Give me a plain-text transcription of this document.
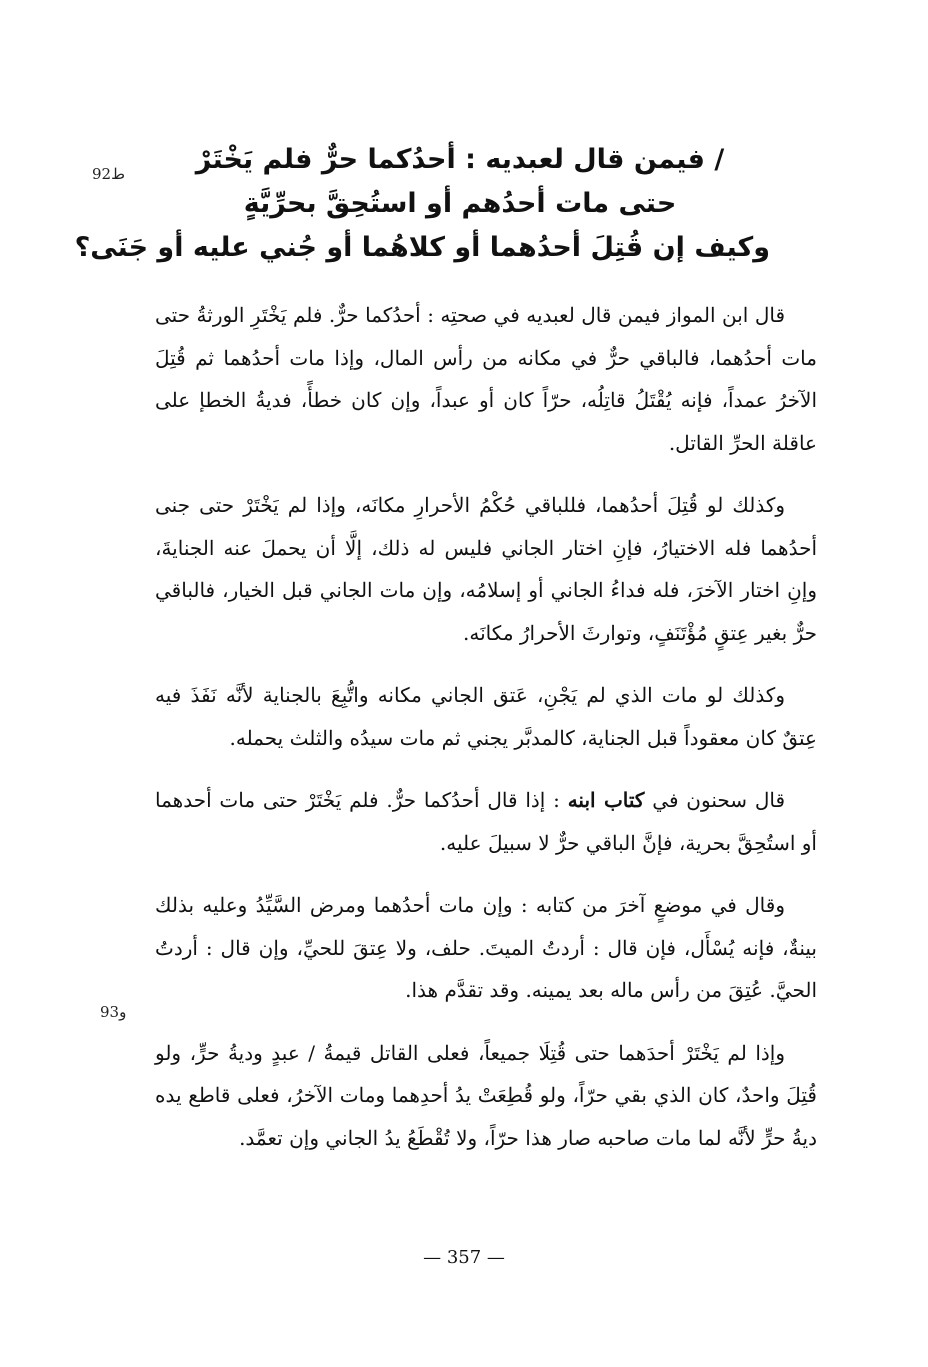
ط92
و93
/ فيمن قال لعبديه : أحدُكما حرٌّ فلم يَخْتَرْ
حتى مات أحدُهم أو استُحِقَّ بحرِّيَّةٍ
وكيف إن قُتِلَ أحدُهما أو كلاهُما أو جُني عليه أو جَنَى؟

قال ابن المواز فيمن قال لعبديه في صحتِه : أحدُكما حرٌّ. فلم يَخْتَرِ الورثةُ حتى مات أحدُهما، فالباقي حرٌّ في مكانه من رأس المال، وإذا مات أحدُهما ثم قُتِلَ الآخرُ عمداً، فإنه يُقْتَلُ قاتِلُه، حرّاً كان أو عبداً، وإن كان خطأً، فديةُ الخطإ على عاقلة الحرِّ القاتل.

وكذلك لو قُتِلَ أحدُهما، فللباقي حُكْمُ الأحرارِ مكانَه، وإذا لم يَخْتَرْ حتى جنى أحدُهما فله الاختيارُ، فإنِ اختار الجاني فليس له ذلك، إلَّا أن يحملَ عنه الجنايةَ، وإنِ اختار الآخرَ، فله فداءُ الجاني أو إسلامُه، وإن مات الجاني قبل الخيار، فالباقي حرٌّ بغير عِتقٍ مُؤْتَنَفٍ، وتوارثَ الأحرارُ مكانَه.

وكذلك لو مات الذي لم يَجْنِ، عَتق الجاني مكانه واتُّبِعَ بالجناية لأنَّه نَفَذَ فيه عِتقٌ كان معقوداً قبل الجناية، كالمدبَّر يجني ثم مات سيدُه والثلث يحمله.

قال سحنون في كتاب ابنه : إذا قال أحدُكما حرٌّ. فلم يَخْتَرْ حتى مات أحدهما أو استُحِقَّ بحرية، فإنَّ الباقي حرٌّ لا سبيلَ عليه.

وقال في موضعٍ آخرَ من كتابه : وإن مات أحدُهما ومرض السَّيِّدُ وعليه بذلك بينةٌ، فإنه يُسْأَل، فإن قال : أردتُ الميتَ. حلف، ولا عِتقَ للحيِّ، وإن قال : أردتُ الحيَّ. عُتِقَ من رأس ماله بعد يمينه. وقد تقدَّم هذا.

وإذا لم يَخْتَرْ أحدَهما حتى قُتِلَا جميعاً، فعلى القاتل قيمةُ / عبدٍ وديةُ حرٍّ، ولو قُتِلَ واحدٌ، كان الذي بقي حرّاً، ولو قُطِعَتْ يدُ أحدِهما ومات الآخرُ، فعلى قاطع يده ديةُ حرٍّ لأنَّه لما مات صاحبه صار هذا حرّاً، ولا تُقْطَعُ يدُ الجاني وإن تعمَّد.

— 357 —
